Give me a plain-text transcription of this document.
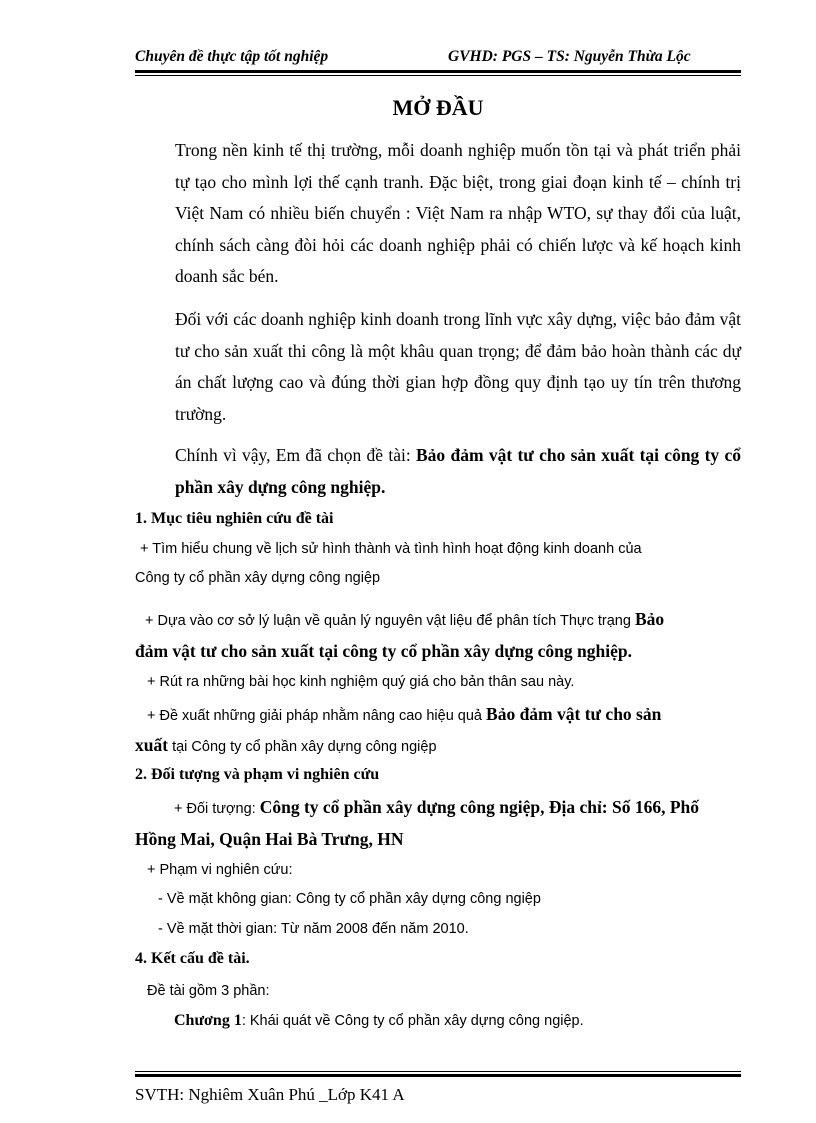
Chuyên đề thực tập tốt nghiệp	GVHD: PGS – TS: Nguyễn Thừa Lộc
MỞ ĐẦU
Trong nền kinh tế thị trường, mỗi doanh nghiệp muốn tồn tại và phát triển phải tự tạo cho mình lợi thế cạnh tranh. Đặc biệt, trong giai đoạn kinh tế – chính trị Việt Nam có nhiều biến chuyển : Việt Nam ra nhập WTO, sự thay đổi của luật, chính sách càng đòi hỏi các doanh nghiệp phải có chiến lược và kế hoạch kinh doanh sắc bén.
Đối với các doanh nghiệp kinh doanh trong lĩnh vực xây dựng, việc bảo đảm vật tư cho sản xuất thi công là một khâu quan trọng; để đảm bảo hoàn thành các dự án chất lượng cao và đúng thời gian hợp đồng quy định tạo uy tín trên thương trường.
Chính vì vậy, Em đã chọn đề tài: Bảo đảm vật tư cho sản xuất tại công ty cổ phần xây dựng công nghiệp.
1. Mục tiêu nghiên cứu đề tài
+ Tìm hiểu chung về lịch sử hình thành và tình hình hoạt động kinh doanh của
Công ty cổ phần xây dựng công ngiệp
+ Dựa vào cơ sở lý luận về quản lý nguyên vật liệu để phân tích Thực trạng Bảo
đảm vật tư cho sản xuất tại công ty cổ phần xây dựng công nghiệp.
+ Rút ra những bài học kinh nghiệm quý giá cho bản thân sau này.
+ Đề xuất những giải pháp nhằm nâng cao hiệu quả Bảo đảm vật tư cho sản
xuất tại Công ty cổ phần xây dựng công ngiệp
2. Đối tượng và phạm vi nghiên cứu
+ Đối tượng: Công ty cổ phần xây dựng công ngiệp, Địa chỉ: Số 166, Phố
Hồng Mai, Quận Hai Bà Trưng, HN
+ Phạm vi nghiên cứu:
- Về mặt không gian: Công ty cổ phần xây dựng công ngiệp
- Về mặt thời gian: Từ năm 2008 đến năm 2010.
4. Kết cấu đề tài.
Đề tài gồm 3 phần:
Chương 1: Khái quát về Công ty cổ phần xây dựng công ngiệp.
SVTH: Nghiêm Xuân Phú _Lớp K41 A
